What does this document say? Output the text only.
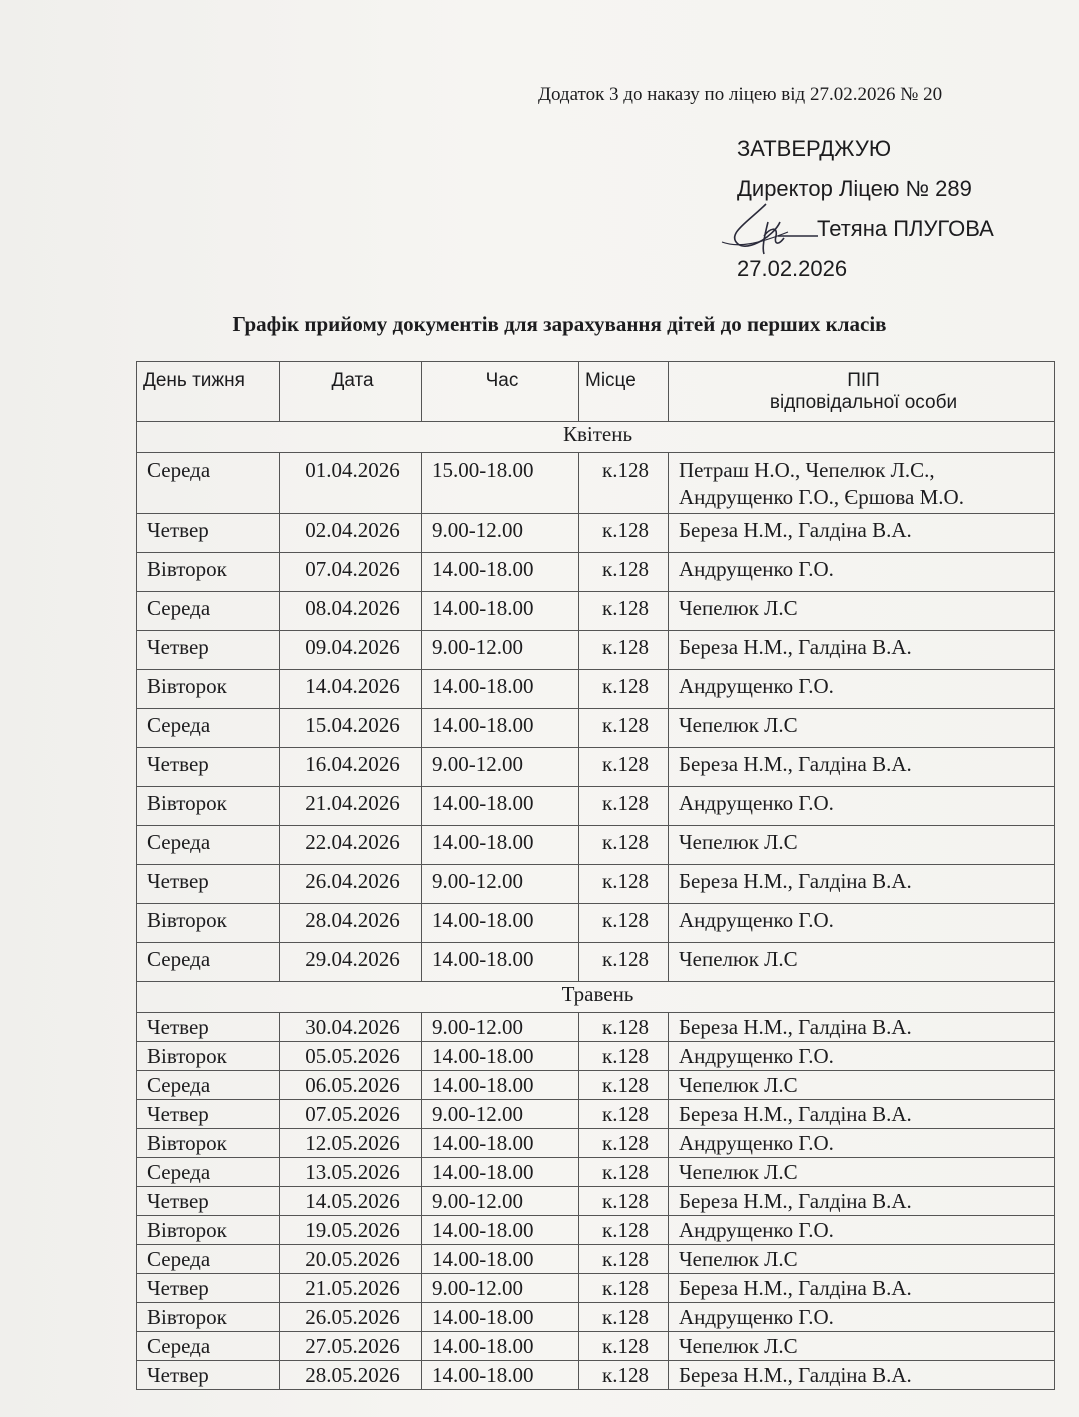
Додаток 3 до наказу по ліцею від 27.02.2026 № 20
ЗАТВЕРДЖУЮ
Директор Ліцею № 289
Тетяна ПЛУГОВА
27.02.2026
Графік прийому документів для зарахування дітей до перших класів
День тижня	Дата	Час	Місце	ПІП
відповідальної особи

Квітень				
Середа	01.04.2026	15.00-18.00	к.128	Петраш Н.О., Чепелюк Л.С.,
Андрущенко Г.О., Єршова М.О.

Четвер	02.04.2026	9.00-12.00	к.128	Береза Н.М., Галдіна В.А.
Вівторок	07.04.2026	14.00-18.00	к.128	Андрущенко Г.О.
Середа	08.04.2026	14.00-18.00	к.128	Чепелюк Л.С
Четвер	09.04.2026	9.00-12.00	к.128	Береза Н.М., Галдіна В.А.
Вівторок	14.04.2026	14.00-18.00	к.128	Андрущенко Г.О.
Середа	15.04.2026	14.00-18.00	к.128	Чепелюк Л.С
Четвер	16.04.2026	9.00-12.00	к.128	Береза Н.М., Галдіна В.А.
Вівторок	21.04.2026	14.00-18.00	к.128	Андрущенко Г.О.
Середа	22.04.2026	14.00-18.00	к.128	Чепелюк Л.С
Четвер	26.04.2026	9.00-12.00	к.128	Береза Н.М., Галдіна В.А.
Вівторок	28.04.2026	14.00-18.00	к.128	Андрущенко Г.О.
Середа	29.04.2026	14.00-18.00	к.128	Чепелюк Л.С
Травень				
Четвер	30.04.2026	9.00-12.00	к.128	Береза Н.М., Галдіна В.А.
Вівторок	05.05.2026	14.00-18.00	к.128	Андрущенко Г.О.
Середа	06.05.2026	14.00-18.00	к.128	Чепелюк Л.С
Четвер	07.05.2026	9.00-12.00	к.128	Береза Н.М., Галдіна В.А.
Вівторок	12.05.2026	14.00-18.00	к.128	Андрущенко Г.О.
Середа	13.05.2026	14.00-18.00	к.128	Чепелюк Л.С
Четвер	14.05.2026	9.00-12.00	к.128	Береза Н.М., Галдіна В.А.
Вівторок	19.05.2026	14.00-18.00	к.128	Андрущенко Г.О.
Середа	20.05.2026	14.00-18.00	к.128	Чепелюк Л.С
Четвер	21.05.2026	9.00-12.00	к.128	Береза Н.М., Галдіна В.А.
Вівторок	26.05.2026	14.00-18.00	к.128	Андрущенко Г.О.
Середа	27.05.2026	14.00-18.00	к.128	Чепелюк Л.С
Четвер	28.05.2026	14.00-18.00	к.128	Береза Н.М., Галдіна В.А.
